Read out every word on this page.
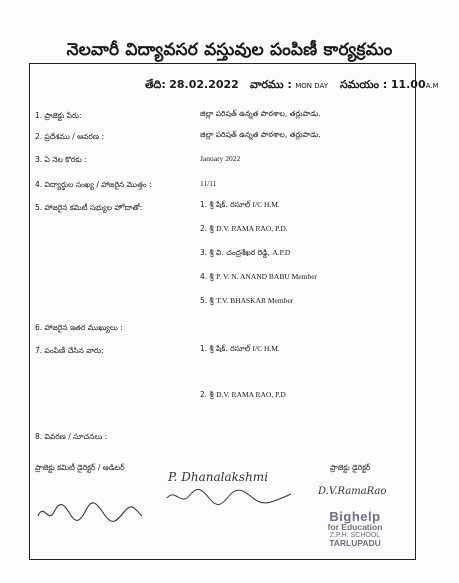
నెలవారీ విద్యావసర వస్తువుల పంపిణీ కార్యక్రమం
తేది: 28.02.2022 వారము : MON DAY సమయం : 11.00A.M
1. ప్రాజెక్టు పేరు:	జిల్లా పరిషత్ ఉన్నత పాఠశాల, తర్లుపాడు.
2. ప్రదేశము / ఆవరణ :	జిల్లా పరిషత్ ఉన్నత పాఠశాల, తర్లుపాడు.
3. ఏ నెల కొరకు :	January 2022
4. విద్యార్థుల సంఖ్య / హాజరైన మొత్తం :	11/11
5. హాజరైన కమిటీ సభ్యుల హోదాతో:	1. శ్రీ షేక్. రసూల్ I/C H.M.
2. శ్రీ D.V. RAMA RAO, P.D.
3. శ్రీ వి. చంద్రశేఖర రెడ్డి, A.P.D
4. శ్రీ P. V. N. ANAND BABU Member
5. శ్రీ T.V. BHASKAR Member
6. హాజరైన ఇతర ముఖ్యులు :
7. పంపిణీ చేసిన వారు:	1. శ్రీ షేక్. రసూల్ I/C H.M.
2. శ్రీ D.V. RAMA RAO, P.D
8. వివరణ / సూచనలు :
ప్రాజెక్టు కమిటీ డైరెక్టర్ / ఆడిటర్	ప్రాజెక్టు డైరెక్టర్
P. Dhanalakshmi
D.V.RamaRao
Bighelp
for Education
Z.P.H. SCHOOL
TARLUPADU
